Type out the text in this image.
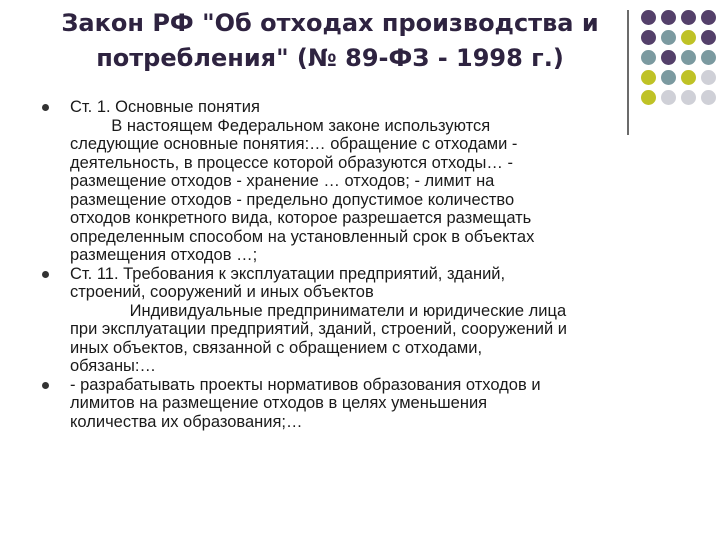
Закон РФ "Об отходах производства и
потребления" (№ 89-ФЗ - 1998 г.)
Ст. 1. Основные понятия
В настоящем Федеральном законе используются
следующие основные понятия:… обращение с отходами -
деятельность, в процессе которой образуются отходы… -
размещение отходов - хранение … отходов; - лимит на
размещение отходов - предельно допустимое количество
отходов конкретного вида, которое разрешается размещать
определенным способом на установленный срок в объектах
размещения отходов …;
Ст. 11. Требования к эксплуатации предприятий, зданий,
строений, сооружений и иных объектов
Индивидуальные предприниматели и юридические лица
при эксплуатации предприятий, зданий, строений, сооружений и
иных объектов, связанной с обращением с отходами,
обязаны:…
- разрабатывать проекты нормативов образования отходов и
лимитов на размещение отходов в целях уменьшения
количества их образования;…
